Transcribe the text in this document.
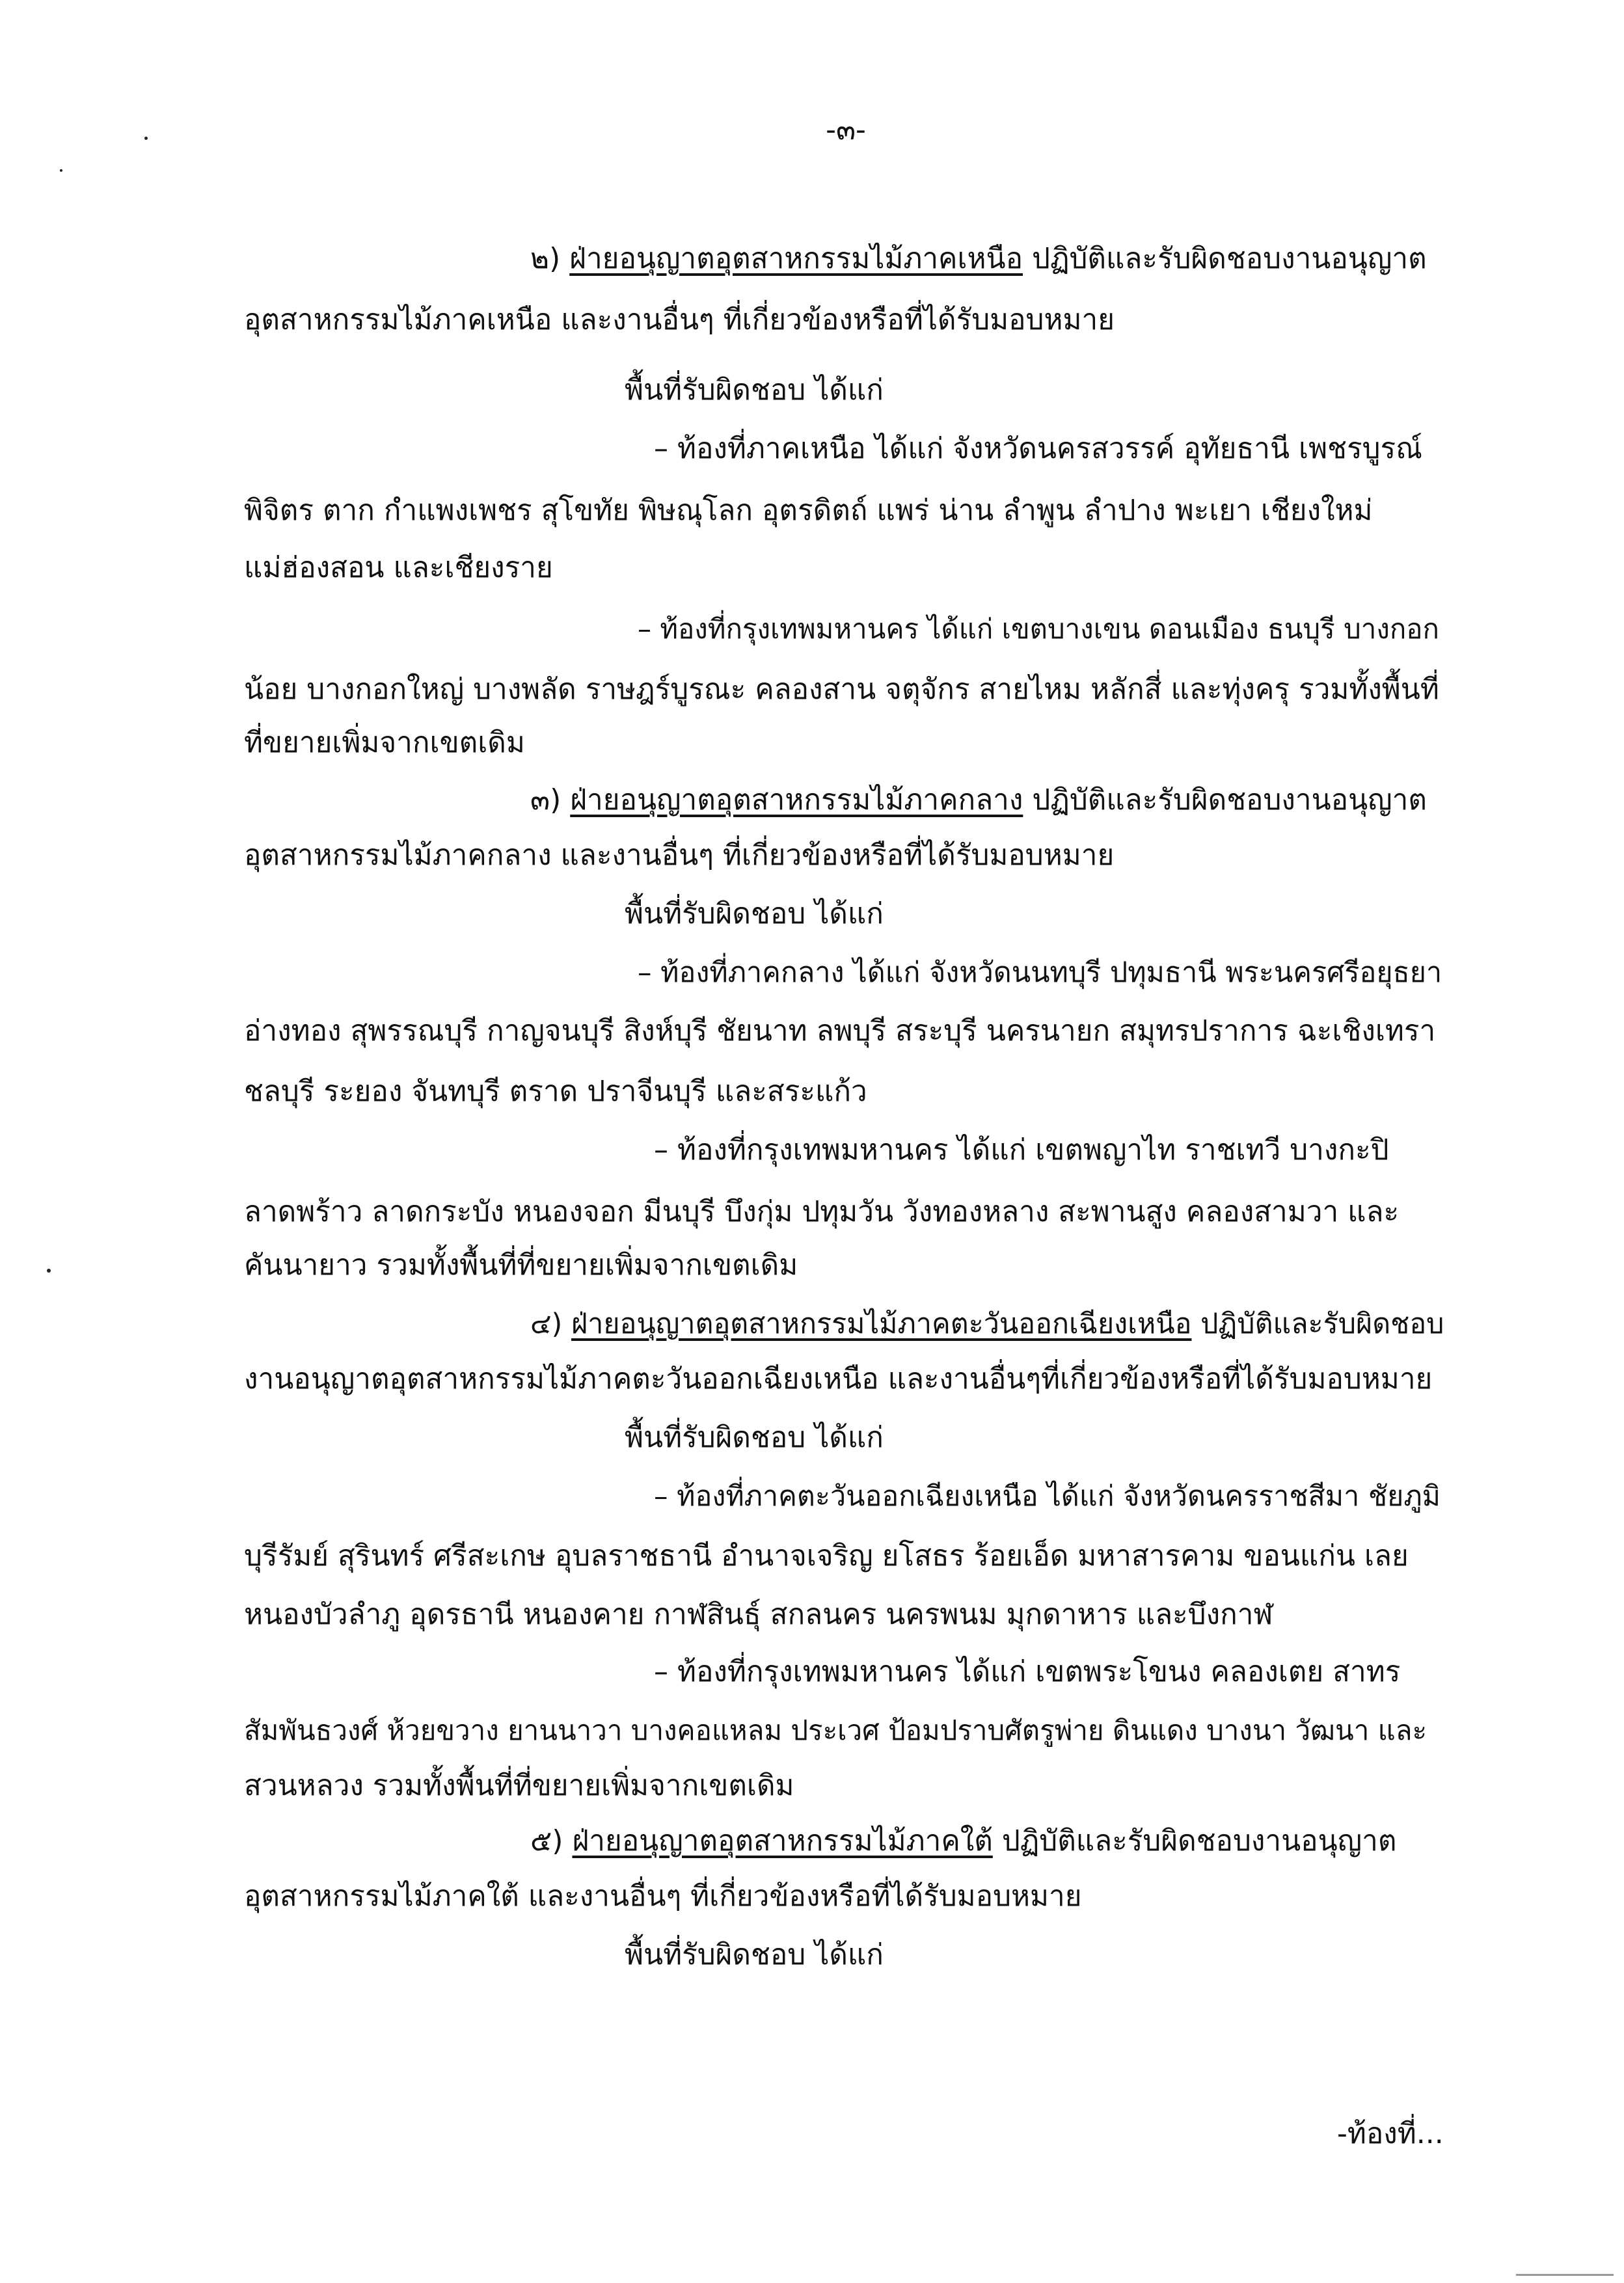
-๓-
๒) ฝ่ายอนุญาตอุตสาหกรรมไม้ภาคเหนือ ปฏิบัติและรับผิดชอบงานอนุญาต
อุตสาหกรรมไม้ภาคเหนือ และงานอื่นๆ ที่เกี่ยวข้องหรือที่ได้รับมอบหมาย
พื้นที่รับผิดชอบ ได้แก่
– ท้องที่ภาคเหนือ ได้แก่ จังหวัดนครสวรรค์ อุทัยธานี เพชรบูรณ์
พิจิตร ตาก กำแพงเพชร สุโขทัย พิษณุโลก อุตรดิตถ์ แพร่ น่าน ลำพูน ลำปาง พะเยา เชียงใหม่
แม่ฮ่องสอน และเชียงราย
– ท้องที่กรุงเทพมหานคร ได้แก่ เขตบางเขน ดอนเมือง ธนบุรี บางกอก
น้อย บางกอกใหญ่ บางพลัด ราษฎร์บูรณะ คลองสาน จตุจักร สายไหม หลักสี่ และทุ่งครุ รวมทั้งพื้นที่
ที่ขยายเพิ่มจากเขตเดิม
๓) ฝ่ายอนุญาตอุตสาหกรรมไม้ภาคกลาง ปฏิบัติและรับผิดชอบงานอนุญาต
อุตสาหกรรมไม้ภาคกลาง และงานอื่นๆ ที่เกี่ยวข้องหรือที่ได้รับมอบหมาย
พื้นที่รับผิดชอบ ได้แก่
– ท้องที่ภาคกลาง ได้แก่ จังหวัดนนทบุรี ปทุมธานี พระนครศรีอยุธยา
อ่างทอง สุพรรณบุรี กาญจนบุรี สิงห์บุรี ชัยนาท ลพบุรี สระบุรี นครนายก สมุทรปราการ ฉะเชิงเทรา
ชลบุรี ระยอง จันทบุรี ตราด ปราจีนบุรี และสระแก้ว
– ท้องที่กรุงเทพมหานคร ได้แก่ เขตพญาไท ราชเทวี บางกะปิ
ลาดพร้าว ลาดกระบัง หนองจอก มีนบุรี บึงกุ่ม ปทุมวัน วังทองหลาง สะพานสูง คลองสามวา และ
คันนายาว รวมทั้งพื้นที่ที่ขยายเพิ่มจากเขตเดิม
๔) ฝ่ายอนุญาตอุตสาหกรรมไม้ภาคตะวันออกเฉียงเหนือ ปฏิบัติและรับผิดชอบ
งานอนุญาตอุตสาหกรรมไม้ภาคตะวันออกเฉียงเหนือ และงานอื่นๆที่เกี่ยวข้องหรือที่ได้รับมอบหมาย
พื้นที่รับผิดชอบ ได้แก่
– ท้องที่ภาคตะวันออกเฉียงเหนือ ได้แก่ จังหวัดนครราชสีมา ชัยภูมิ
บุรีรัมย์ สุรินทร์ ศรีสะเกษ อุบลราชธานี อำนาจเจริญ ยโสธร ร้อยเอ็ด มหาสารคาม ขอนแก่น เลย
หนองบัวลำภู อุดรธานี หนองคาย กาฬสินธุ์ สกลนคร นครพนม มุกดาหาร และบึงกาฬ
– ท้องที่กรุงเทพมหานคร ได้แก่ เขตพระโขนง คลองเตย สาทร
สัมพันธวงศ์ ห้วยขวาง ยานนาวา บางคอแหลม ประเวศ ป้อมปราบศัตรูพ่าย ดินแดง บางนา วัฒนา และ
สวนหลวง รวมทั้งพื้นที่ที่ขยายเพิ่มจากเขตเดิม
๕) ฝ่ายอนุญาตอุตสาหกรรมไม้ภาคใต้ ปฏิบัติและรับผิดชอบงานอนุญาต
อุตสาหกรรมไม้ภาคใต้ และงานอื่นๆ ที่เกี่ยวข้องหรือที่ได้รับมอบหมาย
พื้นที่รับผิดชอบ ได้แก่
-ท้องที่...
